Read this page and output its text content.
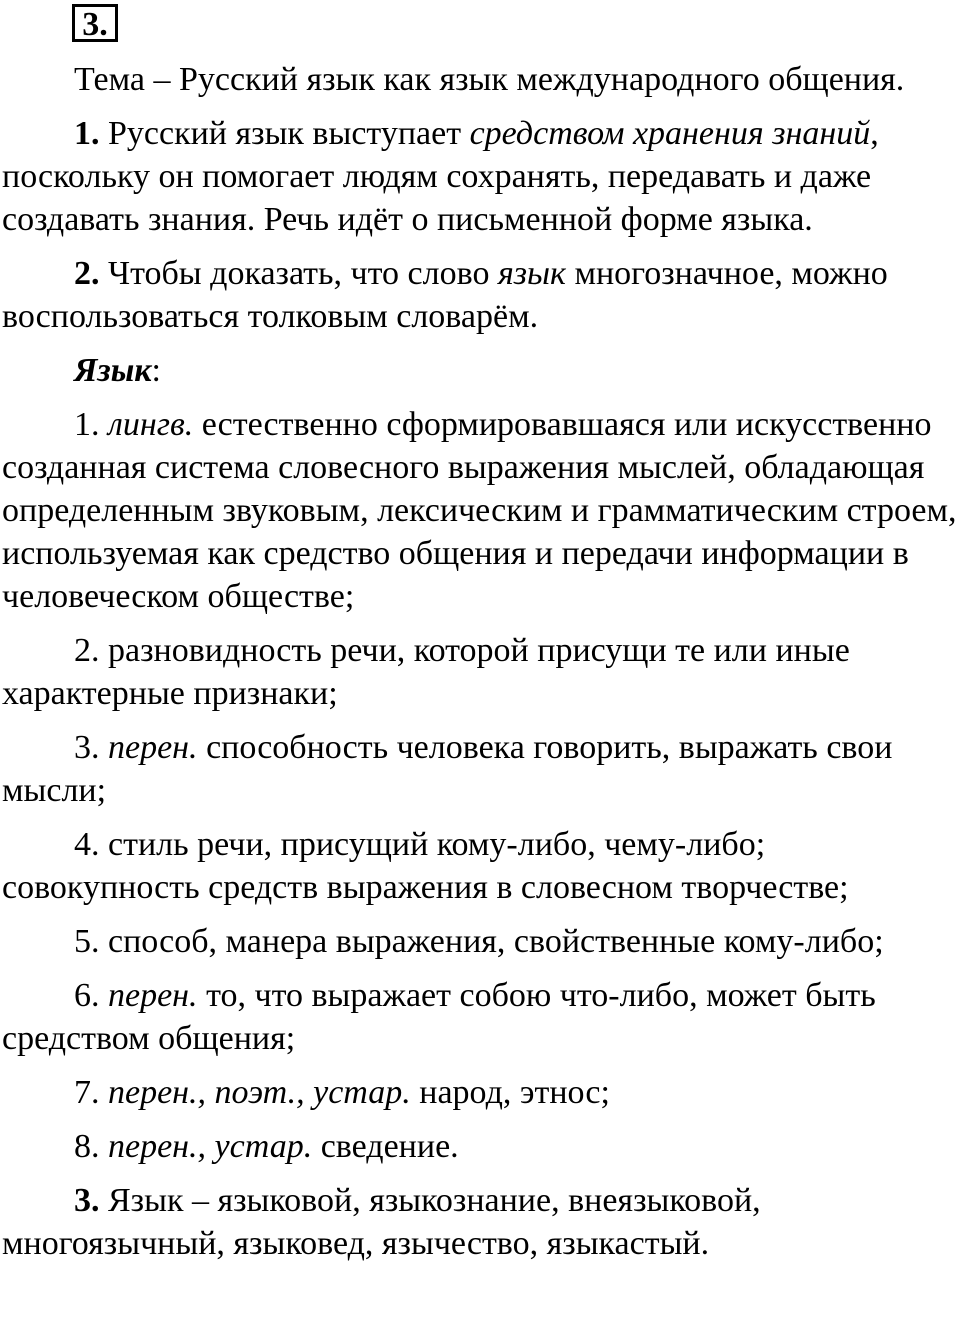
3.

Тема – Русский язык как язык международного общения.

1. Русский язык выступает средством хранения знаний, поскольку он помогает людям сохранять, передавать и даже создавать знания. Речь идёт о письменной форме языка.

2. Чтобы доказать, что слово язык многозначное, можно воспользоваться толковым словарём.

Язык:

1. лингв. естественно сформировавшаяся или искусственно созданная система словесного выражения мыслей, обладающая определенным звуковым, лексическим и грамматическим строем, используемая как средство общения и передачи информации в человеческом обществе;

2. разновидность речи, которой присущи те или иные характерные признаки;

3. перен. способность человека говорить, выражать свои мысли;

4. стиль речи, присущий кому-либо, чему-либо; совокупность средств выражения в словесном творчестве;

5. способ, манера выражения, свойственные кому-либо;

6. перен. то, что выражает собою что-либо, может быть средством общения;

7. перен., поэт., устар. народ, этнос;

8. перен., устар. сведение.

3. Язык – языковой, языкознание, внеязыковой, многоязычный, языковед, язычество, языкастый.
